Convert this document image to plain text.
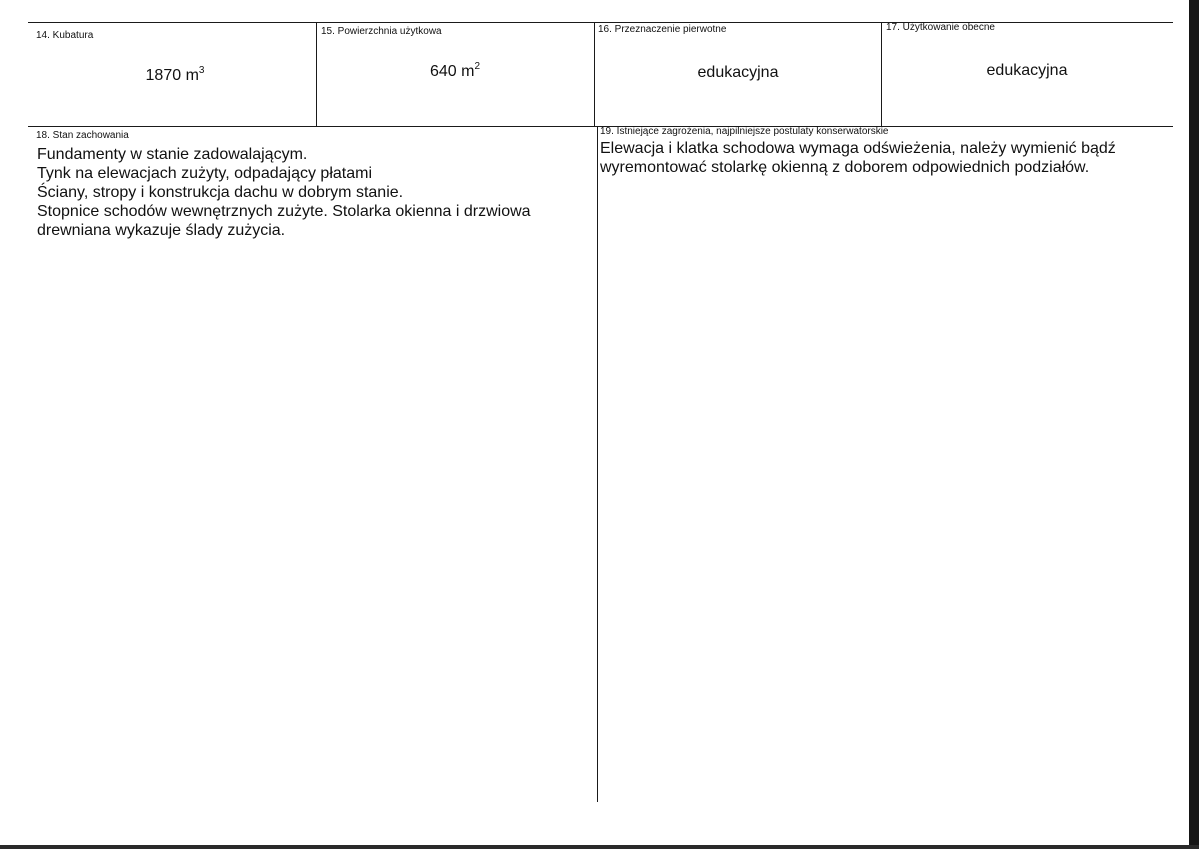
14. Kubatura
1870 $m^3$
15. Powierzchnia użytkowa
640 $m^2$
16. Przeznaczenie pierwotne
edukacyjna
17. Użytkowanie obecne
edukacyjna
18. Stan zachowania
Fundamenty w stanie zadowalającym.
Tynk na elewacjach zużyty, odpadający płatami
Ściany, stropy i konstrukcja dachu w dobrym stanie.
Stopnice schodów wewnętrznych zużyte. Stolarka okienna i drzwiowa
drewniana wykazuje ślady zużycia.
19. Istniejące zagrożenia, najpilniejsze postulaty konserwatorskie
Elewacja i klatka schodowa wymaga odświeżenia, należy wymienić bądź
wyremontować stolarkę okienną z doborem odpowiednich podziałów.
